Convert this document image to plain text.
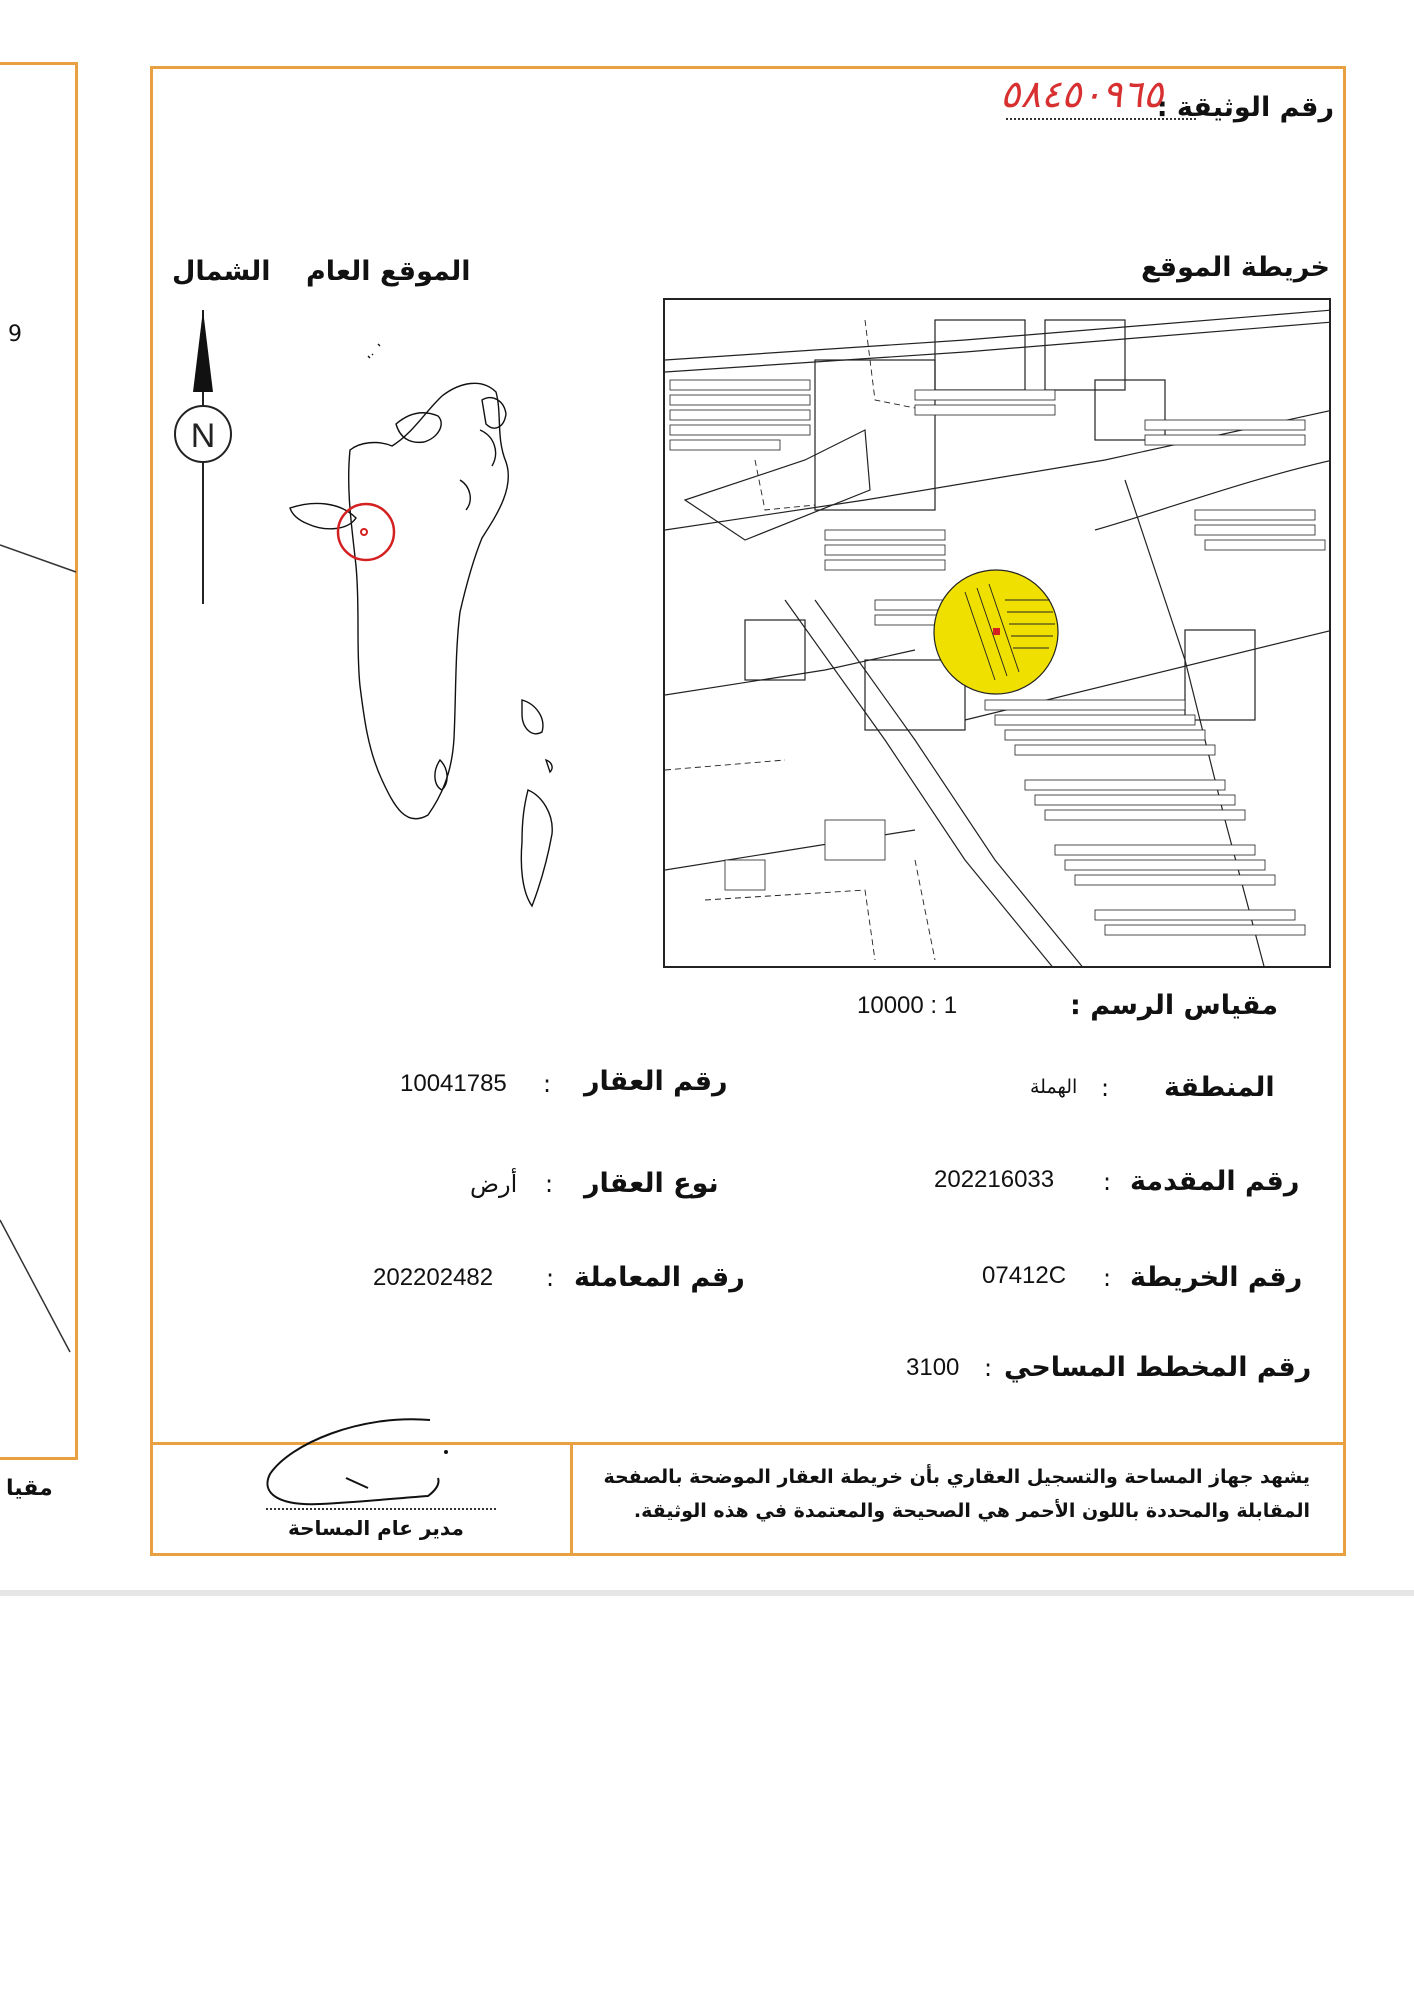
9
مقيا
رقم الوثيقة :
٥٨٤٥٠٩٦٥
خريطة الموقع
الموقع العام
الشمال
N
مقياس الرسم :
10000 : 1
رقم العقار
:
10041785
نوع العقار
:
أرض
رقم المعاملة
:
202202482
المنطقة
:
الهملة
رقم المقدمة
:
202216033
رقم الخريطة
:
07412C
رقم المخطط المساحي
:
3100
يشهد جهاز المساحة والتسجيل العقاري بأن خريطة العقار الموضحة بالصفحة
المقابلة والمحددة باللون الأحمر هي الصحيحة والمعتمدة في هذه الوثيقة.
مدير عام المساحة
